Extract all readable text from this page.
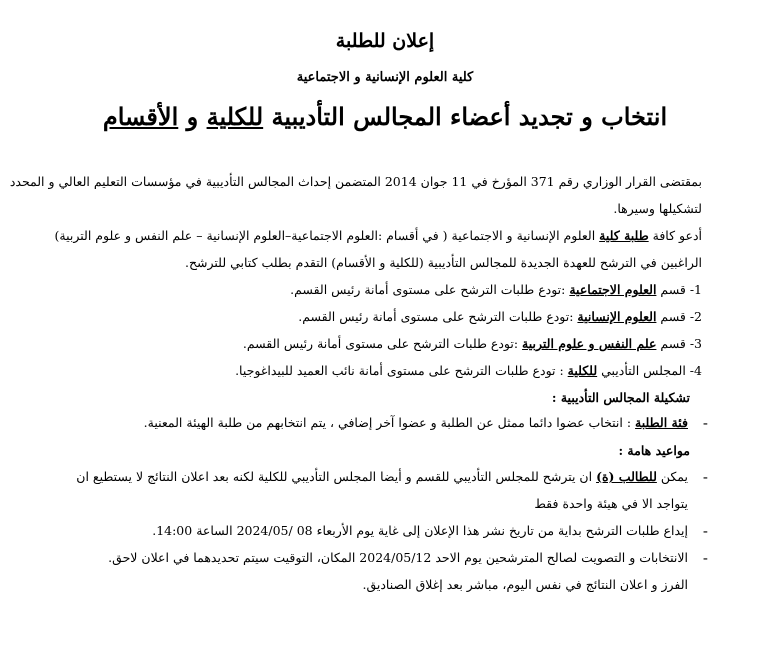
إعلان للطلبة
كلية العلوم الإنسانية و الاجتماعية
انتخاب و تجديد أعضاء المجالس التأديبية للكلية و الأقسام
بمقتضى القرار الوزاري رقم 371 المؤرخ في 11 جوان 2014 المتضمن إحداث المجالس التأديبية في مؤسسات التعليم العالي و المحدد
لتشكيلها وسيرها.
أدعو كافة طلبة كلية العلوم الإنسانية و الاجتماعية ( في أقسام :العلوم الاجتماعية–العلوم الإنسانية – علم النفس و علوم التربية)
الراغبين في الترشح للعهدة الجديدة للمجالس التأديبية (للكلية و الأقسام) التقدم بطلب كتابي للترشح.
1- قسم العلوم الاجتماعية :تودع طلبات الترشح على مستوى أمانة رئيس القسم.
2- قسم العلوم الإنسانية :تودع طلبات الترشح على مستوى أمانة رئيس القسم.
3- قسم علم النفس و علوم التربية :تودع طلبات الترشح على مستوى أمانة رئيس القسم.
4- المجلس التأديبي للكلية : تودع طلبات الترشح على مستوى أمانة نائب العميد للبيداغوجيا.
تشكيلة المجالس التأديبية :
-
فئة الطلبة : انتخاب عضوا دائما ممثل عن الطلبة و عضوا آخر إضافي ، يتم انتخابهم من طلبة الهيئة المعنية.
مواعيد هامة :
-
يمكن للطالب (ة) ان يترشح للمجلس التأديبي للقسم و أيضا المجلس التأديبي للكلية لكنه بعد اعلان النتائج لا يستطيع ان
يتواجد الا في هيئة واحدة فقط
-
إيداع طلبات الترشح بداية من تاريخ نشر هذا الإعلان إلى غاية يوم الأربعاء 08 /2024/05 الساعة 14:00.
-
الانتخابات و التصويت لصالح المترشحين يوم الاحد 2024/05/12 المكان، التوقيت سيتم تحديدهما في اعلان لاحق.
الفرز و اعلان النتائج في نفس اليوم، مباشر بعد إغلاق الصناديق.
